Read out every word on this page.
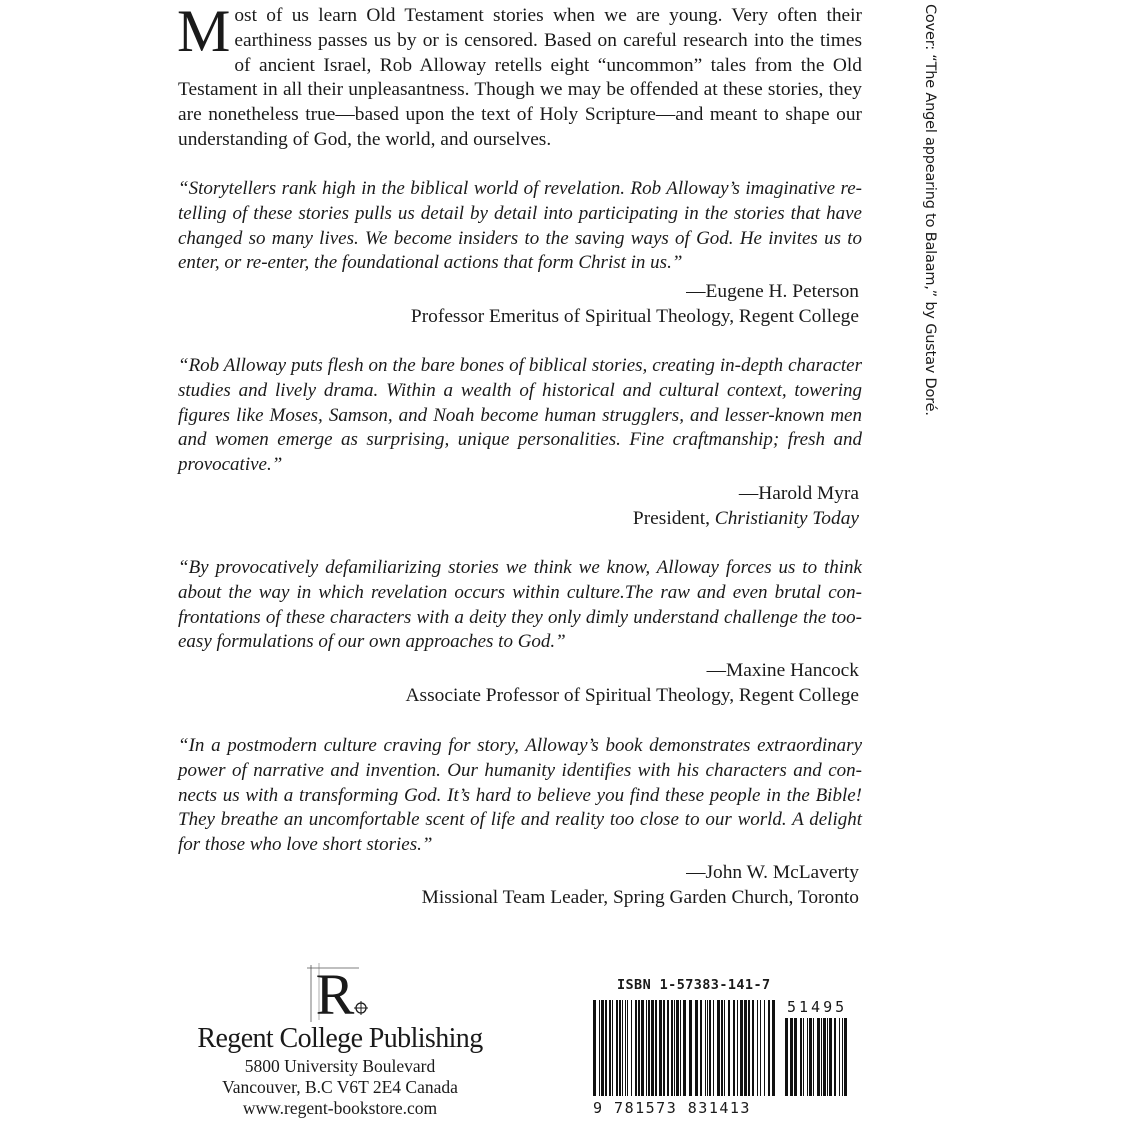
M ost of us learn Old Testament stories when we are young. Very often their earthiness passes us by or is censored. Based on careful research into the times of ancient Israel, Rob Alloway retells eight “uncommon” tales from the Old Testament in all their unpleasantness. Though we may be offended at these stories, they are nonetheless true—based upon the text of Holy Scripture—and meant to shape our understanding of God, the world, and ourselves.
“Storytellers rank high in the biblical world of revelation. Rob Alloway’s imaginative re-telling of these stories pulls us detail by detail into participating in the stories that have changed so many lives. We become insiders to the saving ways of God. He invites us to enter, or re-enter, the foundational actions that form Christ in us.”
—Eugene H. Peterson
Professor Emeritus of Spiritual Theology, Regent College
“Rob Alloway puts flesh on the bare bones of biblical stories, creating in-depth character studies and lively drama. Within a wealth of historical and cultural context, towering figures like Moses, Samson, and Noah become human strugglers, and lesser-known men and women emerge as surprising, unique personalities. Fine craftmanship; fresh and provocative.”
—Harold Myra
President, Christianity Today
“By provocatively defamiliarizing stories we think we know, Alloway forces us to think about the way in which revelation occurs within culture.The raw and even brutal con-frontations of these characters with a deity they only dimly understand challenge the too-easy formulations of our own approaches to God.”
—Maxine Hancock
Associate Professor of Spiritual Theology, Regent College
“In a postmodern culture craving for story, Alloway’s book demonstrates extraordinary power of narrative and invention. Our humanity identifies with his characters and con-nects us with a transforming God. It’s hard to believe you find these people in the Bible! They breathe an uncomfortable scent of life and reality too close to our world. A delight for those who love short stories.”
—John W. McLaverty
Missional Team Leader, Spring Garden Church, Toronto
Cover: “The Angel appearing to Balaam,” by Gustav Doré.
R
Regent College Publishing
5800 University Boulevard
Vancouver, B.C V6T 2E4 Canada
www.regent-bookstore.com
ISBN 1-57383-141-7
51495
9 781573 831413
